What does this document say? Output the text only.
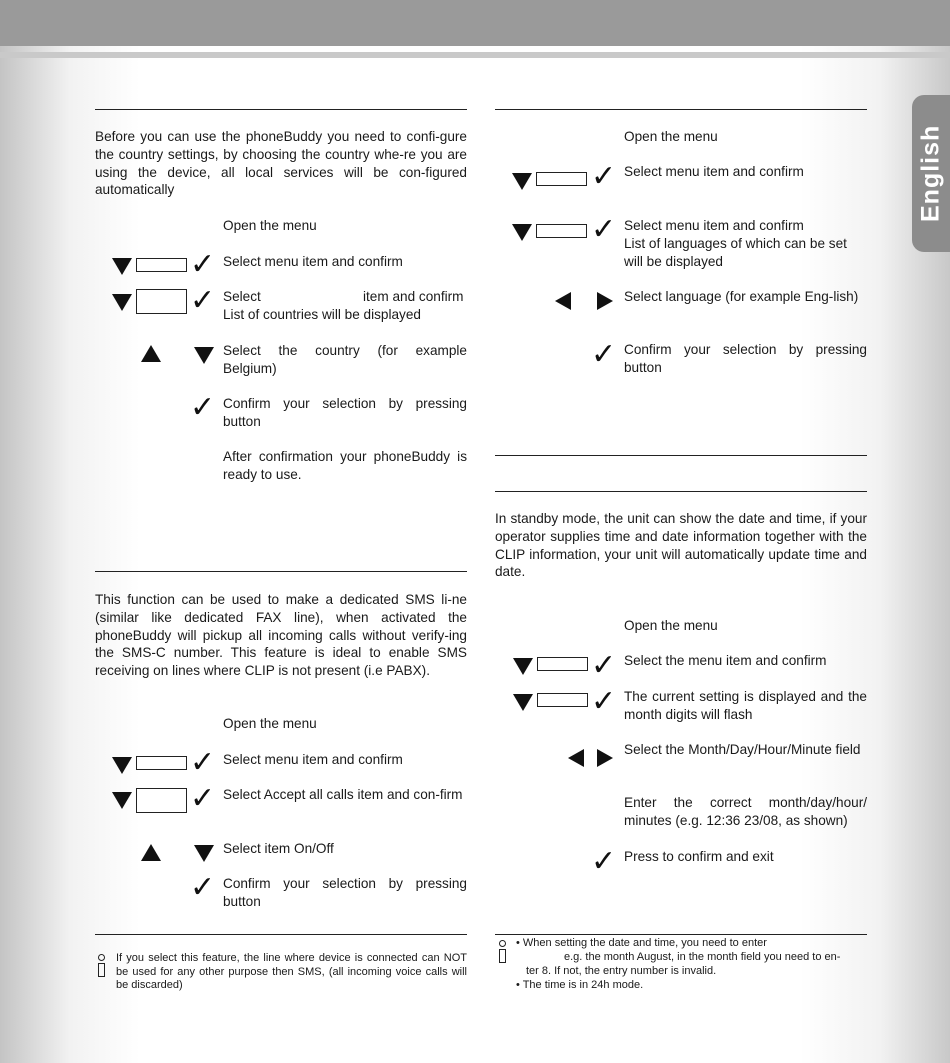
English
Before you can use the phoneBuddy you need to confi-gure the country settings, by choosing the country whe-re you are using the device, all local services will be con-figured automatically
Open the menu
✓ Select menu item and confirm
✓ Select	item and confirm
List of countries will be displayed
Select the country (for example Belgium)
✓ Confirm your selection by pressing button
After confirmation your phoneBuddy is ready to use.
This function can be used to make a dedicated SMS li-ne (similar like dedicated FAX line), when activated the phoneBuddy will pickup all incoming calls without verify-ing the SMS-C number. This feature is ideal to enable SMS receiving on lines where CLIP is not present (i.e PABX).
Open the menu
✓ Select menu item and confirm
✓ Select Accept all calls item and con-firm
Select item On/Off
✓ Confirm your selection by pressing button
If you select this feature, the line where device is connected can NOT be used for any other purpose then SMS, (all incoming voice calls will be discarded)
Open the menu
✓ Select menu item and confirm
✓ Select menu item and confirm
List of languages of which can be set will be displayed
Select language (for example Eng-lish)
✓ Confirm your selection by pressing button
In standby mode, the unit can show the date and time, if your operator supplies time and date information together with the CLIP information, your unit will automatically update time and date.
Open the menu
✓ Select the menu item and confirm
✓ The current setting is displayed and the month digits will flash
Select the Month/Day/Hour/Minute field
Enter the correct month/day/hour/ minutes (e.g. 12:36 23/08, as shown)
✓ Press to confirm and exit
• When setting the date and time, you need to enter
e.g. the month August, in the month field you need to en-
ter 8. If not, the entry number is invalid.
• The time is in 24h mode.
